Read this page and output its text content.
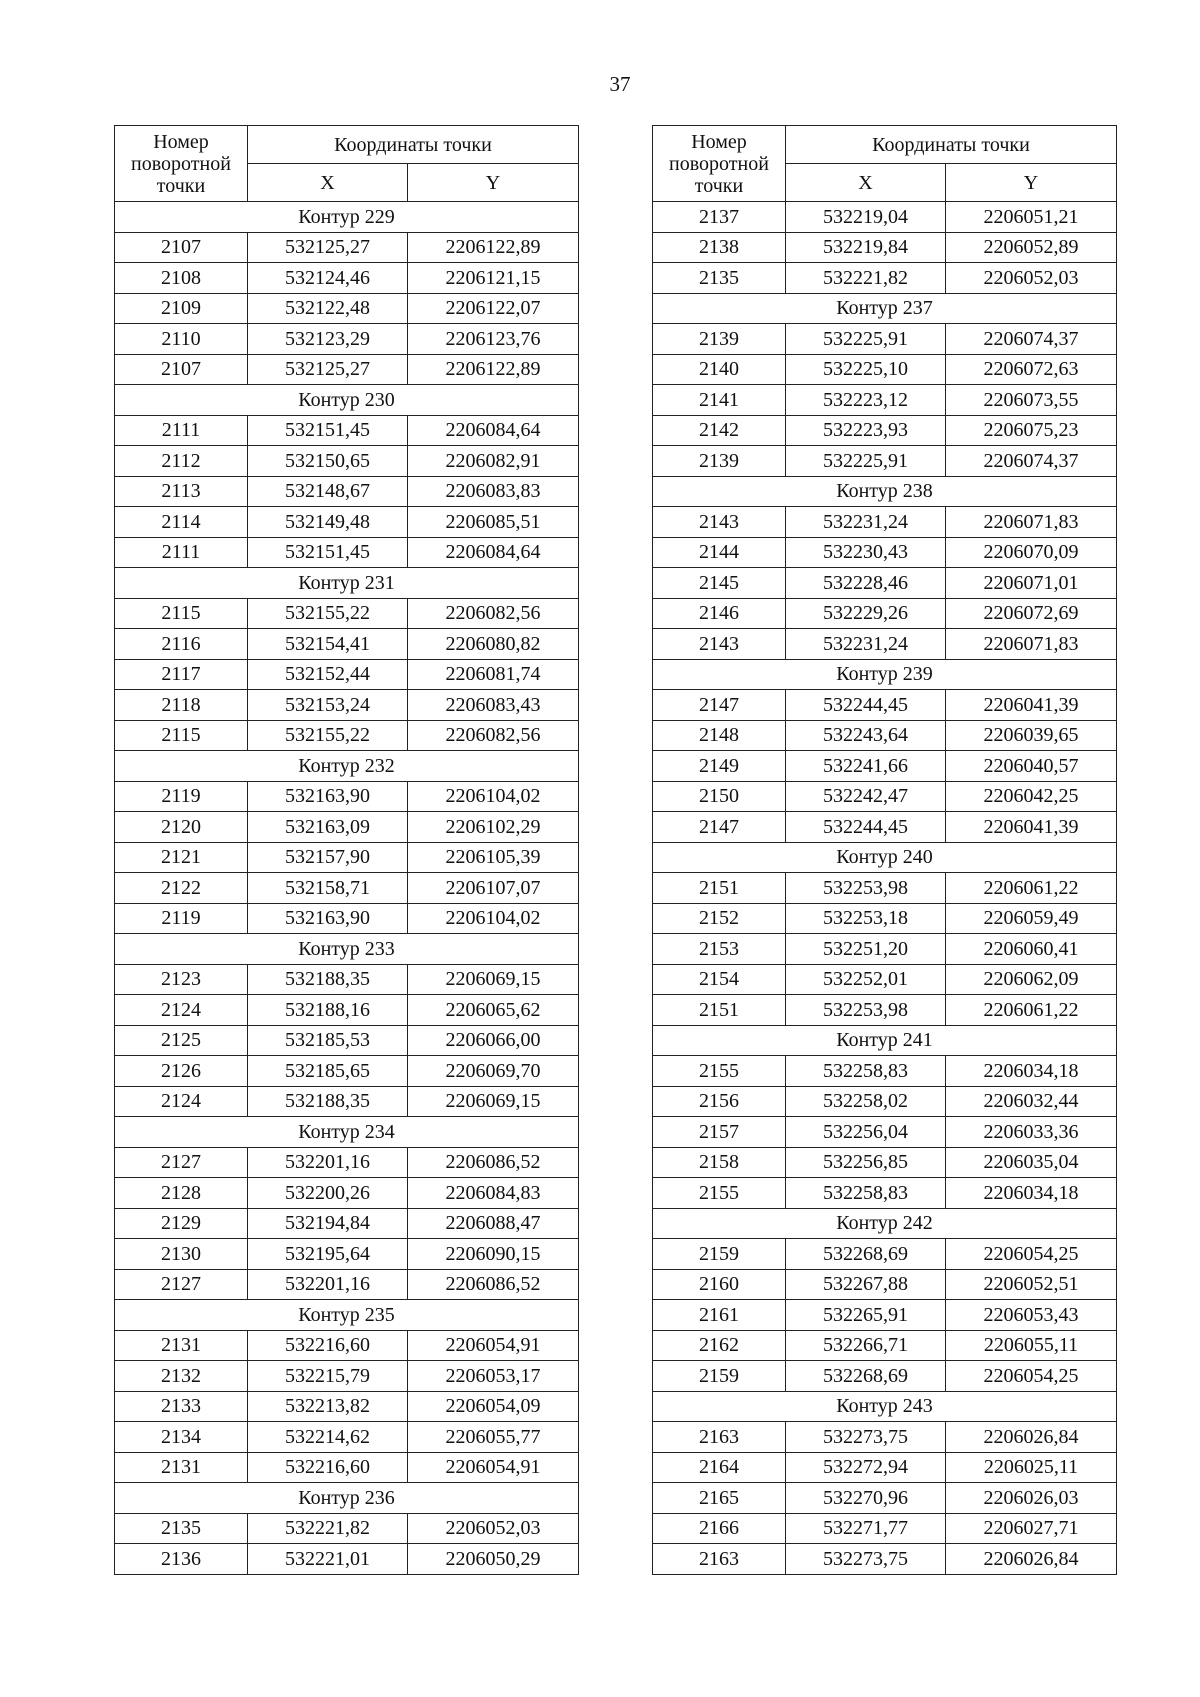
37
Номер поворотной точки	Координаты точки	
	X	Y
Контур 229		
2107	532125,27	2206122,89
2108	532124,46	2206121,15
2109	532122,48	2206122,07
2110	532123,29	2206123,76
2107	532125,27	2206122,89
Контур 230		
2111	532151,45	2206084,64
2112	532150,65	2206082,91
2113	532148,67	2206083,83
2114	532149,48	2206085,51
2111	532151,45	2206084,64
Контур 231		
2115	532155,22	2206082,56
2116	532154,41	2206080,82
2117	532152,44	2206081,74
2118	532153,24	2206083,43
2115	532155,22	2206082,56
Контур 232		
2119	532163,90	2206104,02
2120	532163,09	2206102,29
2121	532157,90	2206105,39
2122	532158,71	2206107,07
2119	532163,90	2206104,02
Контур 233		
2123	532188,35	2206069,15
2124	532188,16	2206065,62
2125	532185,53	2206066,00
2126	532185,65	2206069,70
2124	532188,35	2206069,15
Контур 234		
2127	532201,16	2206086,52
2128	532200,26	2206084,83
2129	532194,84	2206088,47
2130	532195,64	2206090,15
2127	532201,16	2206086,52
Контур 235		
2131	532216,60	2206054,91
2132	532215,79	2206053,17
2133	532213,82	2206054,09
2134	532214,62	2206055,77
2131	532216,60	2206054,91
Контур 236		
2135	532221,82	2206052,03
2136	532221,01	2206050,29
Номер поворотной точки	Координаты точки	
	X	Y
2137	532219,04	2206051,21
2138	532219,84	2206052,89
2135	532221,82	2206052,03
Контур 237		
2139	532225,91	2206074,37
2140	532225,10	2206072,63
2141	532223,12	2206073,55
2142	532223,93	2206075,23
2139	532225,91	2206074,37
Контур 238		
2143	532231,24	2206071,83
2144	532230,43	2206070,09
2145	532228,46	2206071,01
2146	532229,26	2206072,69
2143	532231,24	2206071,83
Контур 239		
2147	532244,45	2206041,39
2148	532243,64	2206039,65
2149	532241,66	2206040,57
2150	532242,47	2206042,25
2147	532244,45	2206041,39
Контур 240		
2151	532253,98	2206061,22
2152	532253,18	2206059,49
2153	532251,20	2206060,41
2154	532252,01	2206062,09
2151	532253,98	2206061,22
Контур 241		
2155	532258,83	2206034,18
2156	532258,02	2206032,44
2157	532256,04	2206033,36
2158	532256,85	2206035,04
2155	532258,83	2206034,18
Контур 242		
2159	532268,69	2206054,25
2160	532267,88	2206052,51
2161	532265,91	2206053,43
2162	532266,71	2206055,11
2159	532268,69	2206054,25
Контур 243		
2163	532273,75	2206026,84
2164	532272,94	2206025,11
2165	532270,96	2206026,03
2166	532271,77	2206027,71
2163	532273,75	2206026,84
